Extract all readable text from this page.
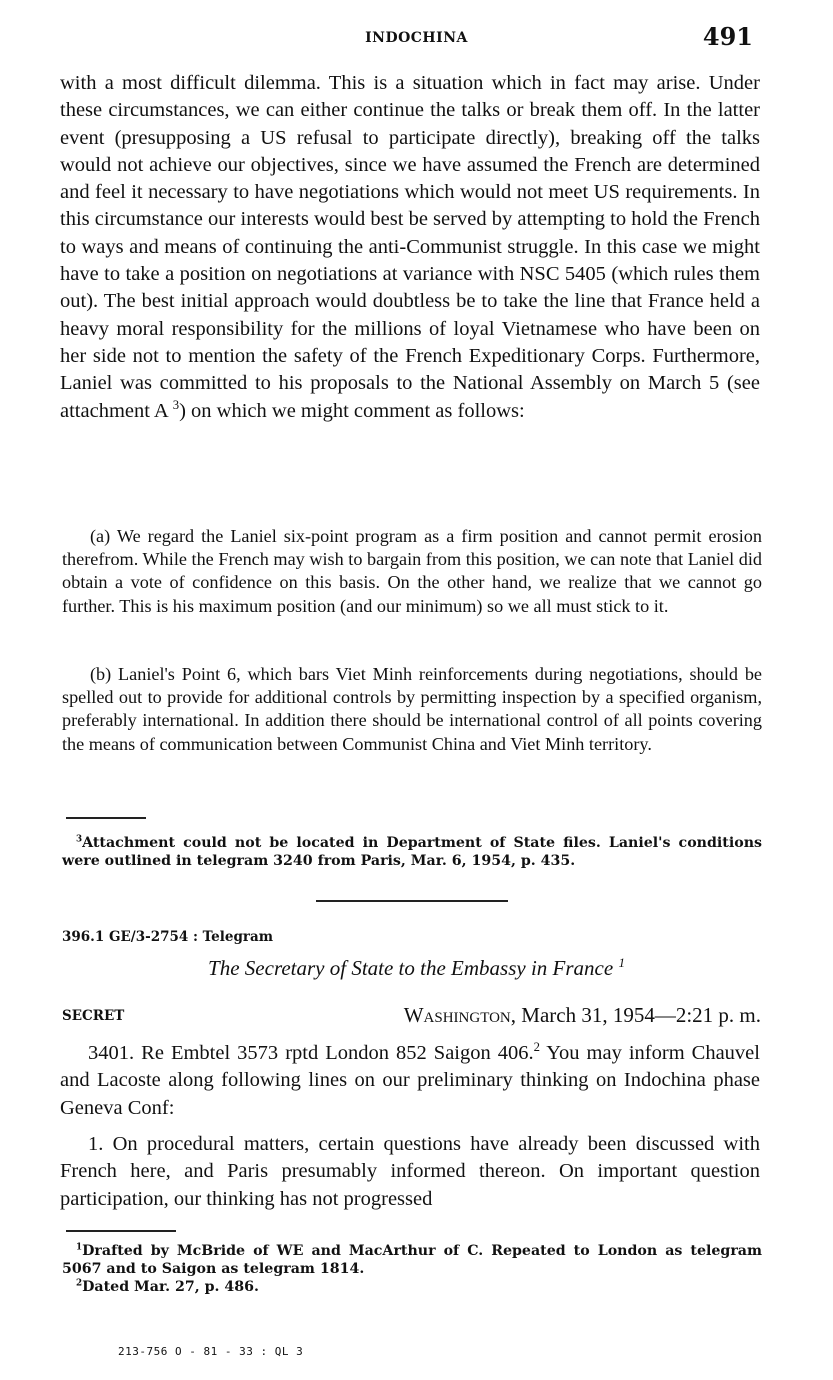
INDOCHINA	491

with a most difficult dilemma. This is a situation which in fact may arise. Under these circumstances, we can either continue the talks or break them off. In the latter event (presupposing a US refusal to participate directly), breaking off the talks would not achieve our objectives, since we have assumed the French are determined and feel it necessary to have negotiations which would not meet US requirements. In this circumstance our interests would best be served by attempting to hold the French to ways and means of continuing the anti-Communist struggle. In this case we might have to take a position on negotiations at variance with NSC 5405 (which rules them out). The best initial approach would doubtless be to take the line that France held a heavy moral responsibility for the millions of loyal Vietnamese who have been on her side not to mention the safety of the French Expeditionary Corps. Furthermore, Laniel was committed to his proposals to the National Assembly on March 5 (see attachment A $^3$) on which we might comment as follows:

(a) We regard the Laniel six-point program as a firm position and cannot permit erosion therefrom. While the French may wish to bargain from this position, we can note that Laniel did obtain a vote of confidence on this basis. On the other hand, we realize that we cannot go further. This is his maximum position (and our minimum) so we all must stick to it.

(b) Laniel's Point 6, which bars Viet Minh reinforcements during negotiations, should be spelled out to provide for additional controls by permitting inspection by a specified organism, preferably international. In addition there should be international control of all points covering the means of communication between Communist China and Viet Minh territory.

$^3$Attachment could not be located in Department of State files. Laniel's conditions were outlined in telegram 3240 from Paris, Mar. 6, 1954, p. 435.

396.1 GE/3-2754 : Telegram
The Secretary of State to the Embassy in France $^1$
SECRET	Washington, March 31, 1954—2:21 p. m.

3401. Re Embtel 3573 rptd London 852 Saigon 406.$^2$ You may inform Chauvel and Lacoste along following lines on our preliminary thinking on Indochina phase Geneva Conf:

1. On procedural matters, certain questions have already been discussed with French here, and Paris presumably informed thereon. On important question participation, our thinking has not progressed

$^1$Drafted by McBride of WE and MacArthur of C. Repeated to London as telegram 5067 and to Saigon as telegram 1814.

$^2$Dated Mar. 27, p. 486.

213-756 O - 81 - 33 : QL 3
